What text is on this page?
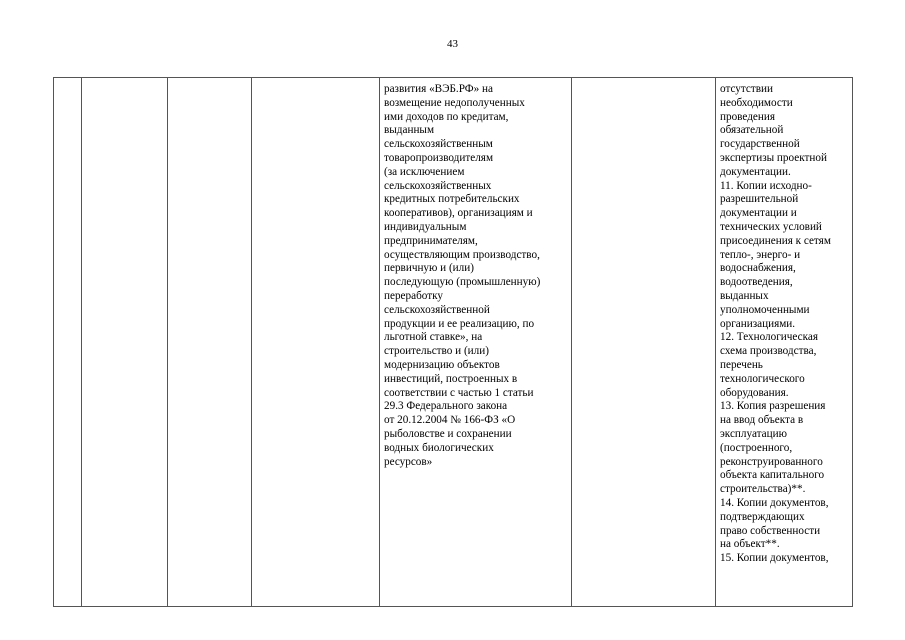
43
развития «ВЭБ.РФ» на
возмещение недополученных
ими доходов по кредитам,
выданным
сельскохозяйственным
товаропроизводителям
(за исключением
сельскохозяйственных
кредитных потребительских
кооперативов), организациям и
индивидуальным
предпринимателям,
осуществляющим производство,
первичную и (или)
последующую (промышленную)
переработку
сельскохозяйственной
продукции и ее реализацию, по
льготной ставке», на
строительство и (или)
модернизацию объектов
инвестиций, построенных в
соответствии с частью 1 статьи
29.3 Федерального закона
от 20.12.2004 № 166-ФЗ «О
рыболовстве и сохранении
водных биологических
ресурсов»
отсутствии
необходимости
проведения
обязательной
государственной
экспертизы проектной
документации.
11. Копии исходно-
разрешительной
документации и
технических условий
присоединения к сетям
тепло-, энерго- и
водоснабжения,
водоотведения,
выданных
уполномоченными
организациями.
12. Технологическая
схема производства,
перечень
технологического
оборудования.
13. Копия разрешения
на ввод объекта в
эксплуатацию
(построенного,
реконструированного
объекта капитального
строительства)**.
14. Копии документов,
подтверждающих
право собственности
на объект**.
15. Копии документов,
